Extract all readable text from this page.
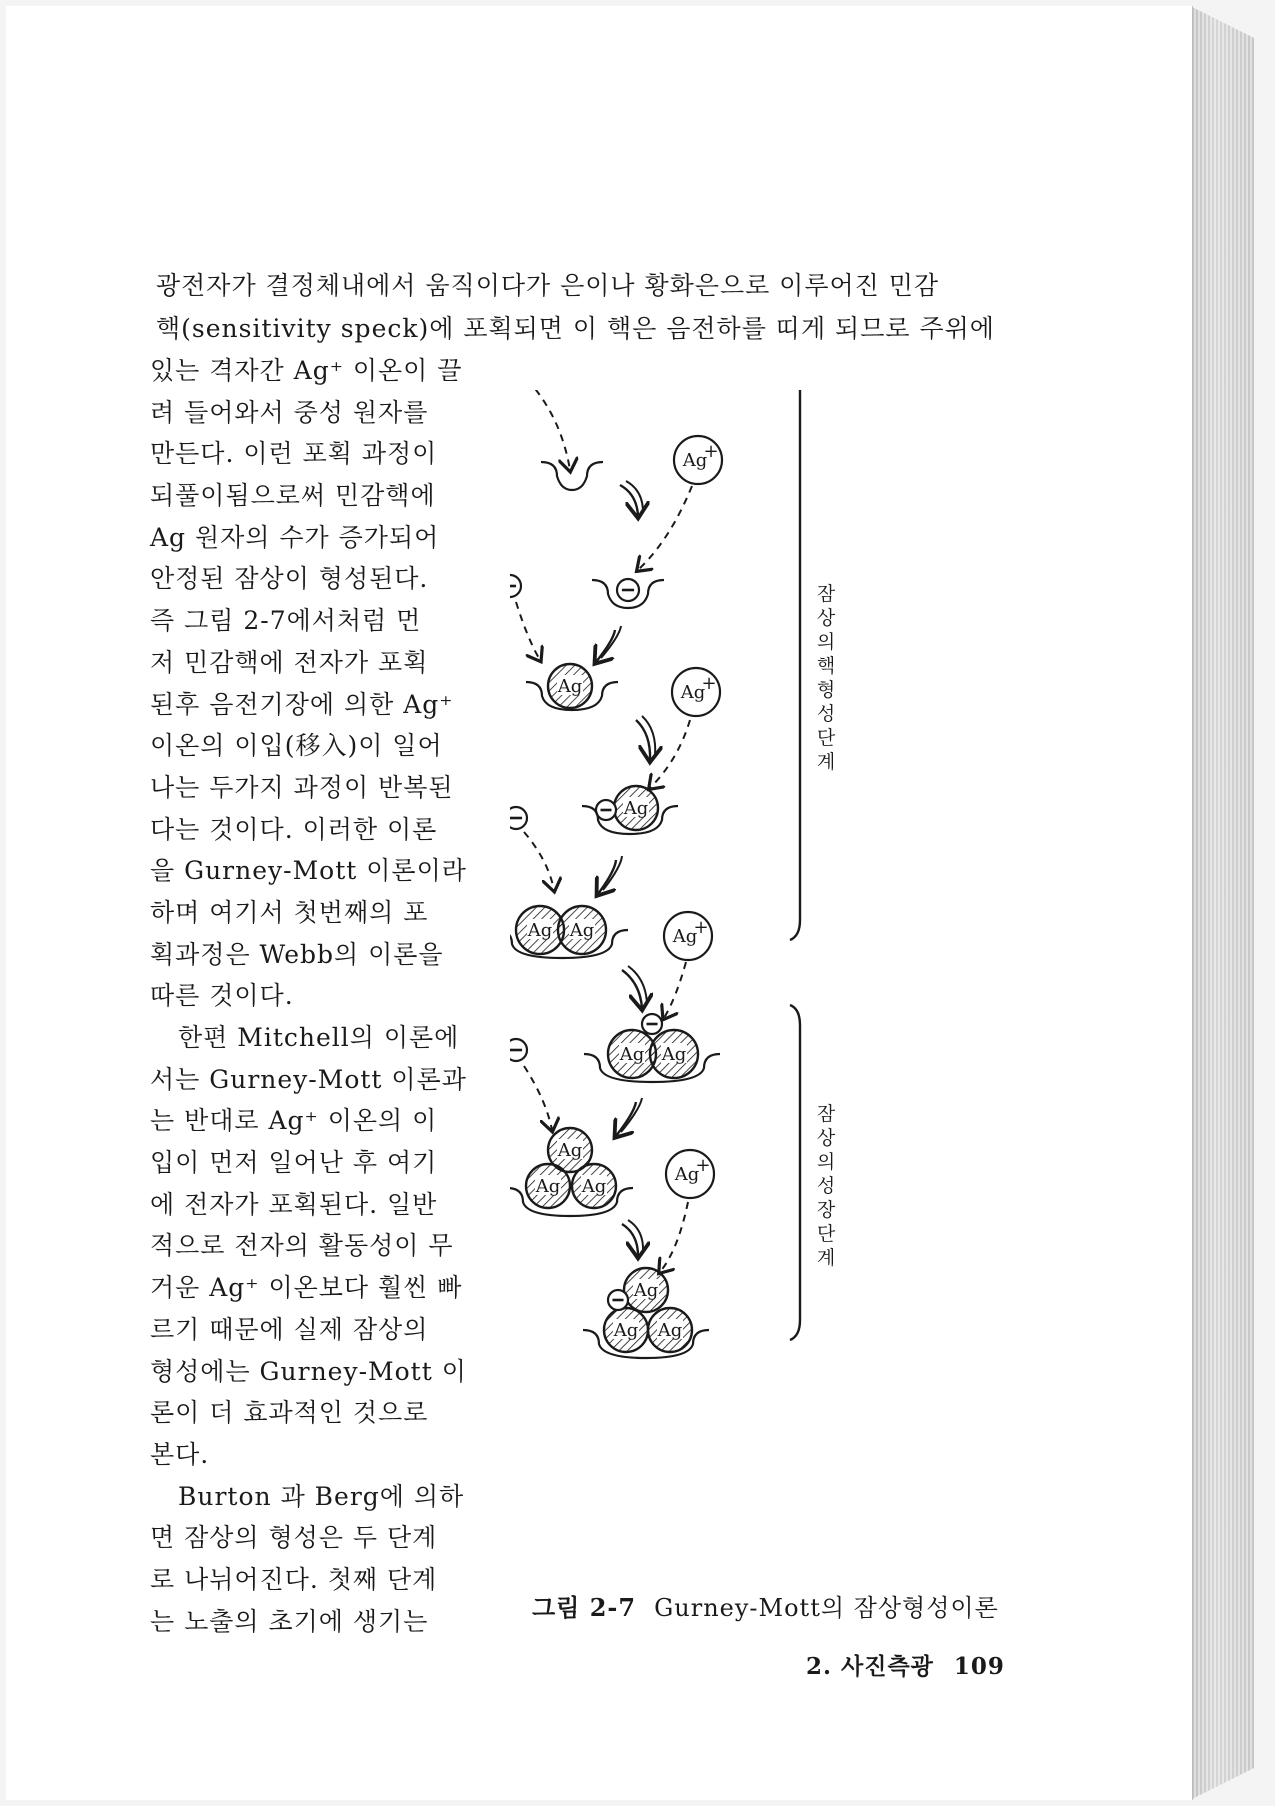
광전자가 결정체내에서 움직이다가 은이나 황화은으로 이루어진 민감
핵(sensitivity speck)에 포획되면 이 핵은 음전하를 띠게 되므로 주위에
있는 격자간 Ag⁺ 이온이 끌
려 들어와서 중성 원자를
만든다. 이런 포획 과정이
되풀이됨으로써 민감핵에
Ag 원자의 수가 증가되어
안정된 잠상이 형성된다.
즉 그림 2-7에서처럼 먼
저 민감핵에 전자가 포획
된후 음전기장에 의한 Ag⁺
이온의 이입(移入)이 일어
나는 두가지 과정이 반복된
다는 것이다. 이러한 이론
을 Gurney-Mott 이론이라
하며 여기서 첫번째의 포
획과정은 Webb의 이론을
따른 것이다.
한편 Mitchell의 이론에
서는 Gurney-Mott 이론과
는 반대로 Ag⁺ 이온의 이
입이 먼저 일어난 후 여기
에 전자가 포획된다. 일반
적으로 전자의 활동성이 무
거운 Ag⁺ 이온보다 훨씬 빠
르기 때문에 실제 잠상의
형성에는 Gurney-Mott 이
론이 더 효과적인 것으로
본다.
Burton 과 Berg에 의하
면 잠상의 형성은 두 단계
로 나뉘어진다. 첫째 단계
는 노출의 초기에 생기는
잠
상
의
핵
형
성
단
계
잠
상
의
성
장
단
계
Ag
+
Ag	Ag
+
Ag
Ag Ag	Ag
+
Ag Ag
Ag
Ag Ag
Ag
+
Ag
Ag Ag
그림 2-7 Gurney-Mott의 잠상형성이론
2. 사진측광 109
